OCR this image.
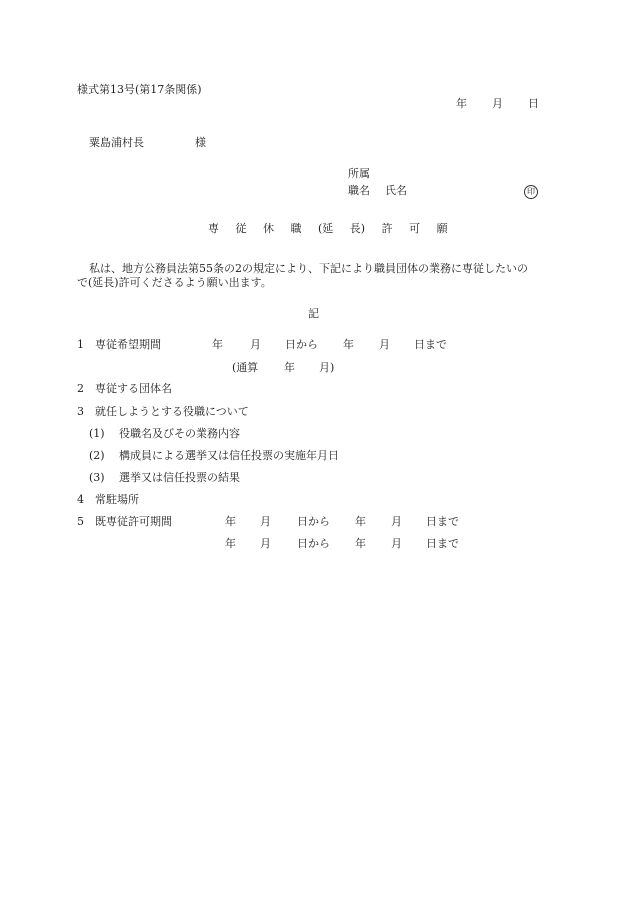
様式第13号(第17条関係)
年 月 日
粟島浦村長	様
所属
職名 氏名	印
専 従 休 職 (延 長) 許 可 願
私は、地方公務員法第55条の2の規定により、下記により職員団体の業務に専従したいの
で(延長)許可くださるよう願い出ます。
記
1 専従希望期間	年 月 日から 年 月 日まで
(通算 年 月)
2 専従する団体名
3 就任しようとする役職について
(1) 役職名及びその業務内容
(2) 構成員による選挙又は信任投票の実施年月日
(3) 選挙又は信任投票の結果
4 常駐場所
5 既専従許可期間	年 月 日から 年 月 日まで
年 月 日から 年 月 日まで
